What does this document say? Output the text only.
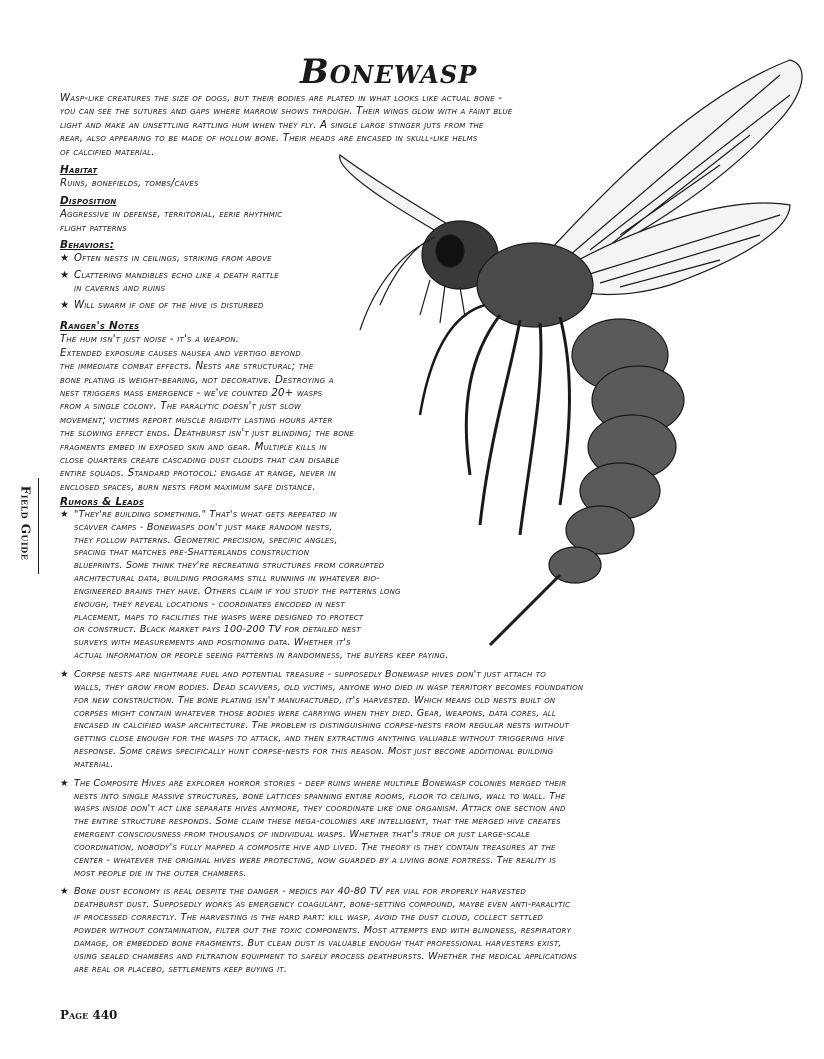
Bonewasp
Wasp-like creatures the size of dogs, but their bodies are plated in what looks like actual bone -
you can see the sutures and gaps where marrow shows through. Their wings glow with a faint blue
light and make an unsettling rattling hum when they fly. A single large stinger juts from the
rear, also appearing to be made of hollow bone. Their heads are encased in skull-like helms
of calcified material.
Habitat
Ruins, bonefields, tombs/caves
Disposition
Aggressive in defense, territorial, eerie rhythmic
flight patterns
Behaviors:
★ Often nests in ceilings, striking from above
★ Clattering mandibles echo like a death rattle
in caverns and ruins
★ Will swarm if one of the hive is disturbed
Ranger's Notes
The hum isn't just noise - it's a weapon.
Extended exposure causes nausea and vertigo beyond
the immediate combat effects. Nests are structural; the
bone plating is weight-bearing, not decorative. Destroying a
nest triggers mass emergence - we've counted 20+ wasps
from a single colony. The paralytic doesn't just slow
movement; victims report muscle rigidity lasting hours after
the slowing effect ends. Deathburst isn't just blinding; the bone
fragments embed in exposed skin and gear. Multiple kills in
close quarters create cascading dust clouds that can disable
entire squads. Standard protocol: engage at range, never in
enclosed spaces, burn nests from maximum safe distance.
Field Guide	Rumors & Leads
★ "They're building something." That's what gets repeated in
scavver camps - Bonewasps don't just make random nests,
they follow patterns. Geometric precision, specific angles,
spacing that matches pre-Shatterlands construction
blueprints. Some think they're recreating structures from corrupted
architectural data, building programs still running in whatever bio-
engineered brains they have. Others claim if you study the patterns long
enough, they reveal locations - coordinates encoded in nest
placement, maps to facilities the wasps were designed to protect
or construct. Black market pays 100-200 TV for detailed nest
surveys with measurements and positioning data. Whether it's
actual information or people seeing patterns in randomness, the buyers keep paying.
★ Corpse nests are nightmare fuel and potential treasure - supposedly Bonewasp hives don't just attach to
walls, they grow from bodies. Dead scavvers, old victims, anyone who died in wasp territory becomes foundation
for new construction. The bone plating isn't manufactured, it's harvested. Which means old nests built on
corpses might contain whatever those bodies were carrying when they died. Gear, weapons, data cores, all
encased in calcified wasp architecture. The problem is distinguishing corpse-nests from regular nests without
getting close enough for the wasps to attack, and then extracting anything valuable without triggering hive
response. Some crews specifically hunt corpse-nests for this reason. Most just become additional building
material.
★ The Composite Hives are explorer horror stories - deep ruins where multiple Bonewasp colonies merged their
nests into single massive structures, bone lattices spanning entire rooms, floor to ceiling, wall to wall. The
wasps inside don't act like separate hives anymore, they coordinate like one organism. Attack one section and
the entire structure responds. Some claim these mega-colonies are intelligent, that the merged hive creates
emergent consciousness from thousands of individual wasps. Whether that's true or just large-scale
coordination, nobody's fully mapped a composite hive and lived. The theory is they contain treasures at the
center - whatever the original hives were protecting, now guarded by a living bone fortress. The reality is
most people die in the outer chambers.
★ Bone dust economy is real despite the danger - medics pay 40-80 TV per vial for properly harvested
deathburst dust. Supposedly works as emergency coagulant, bone-setting compound, maybe even anti-paralytic
if processed correctly. The harvesting is the hard part: kill wasp, avoid the dust cloud, collect settled
powder without contamination, filter out the toxic components. Most attempts end with blindness, respiratory
damage, or embedded bone fragments. But clean dust is valuable enough that professional harvesters exist,
using sealed chambers and filtration equipment to safely process deathbursts. Whether the medical applications
are real or placebo, settlements keep buying it.
Page 440
